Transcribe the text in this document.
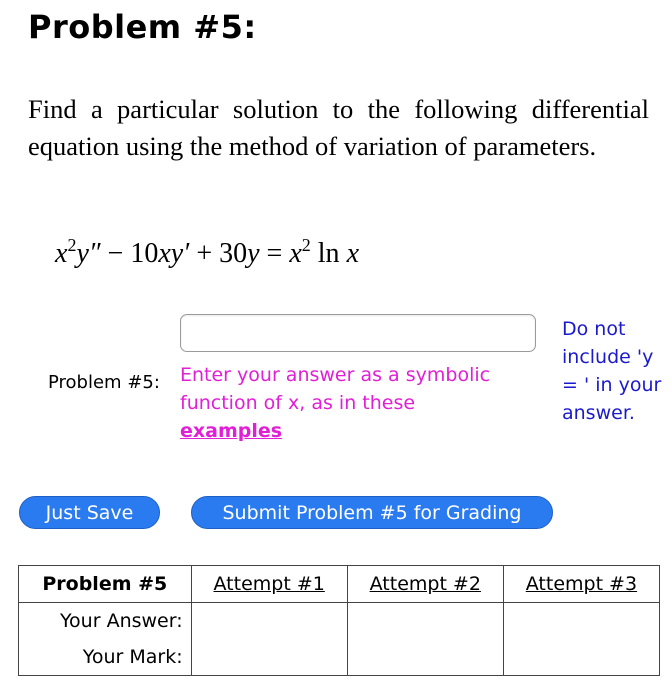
Problem #5:
Find a particular solution to the following differential equation using the method of variation of parameters.
$x^2y'' - 10xy' + 30y = x^2$ ln x
Problem #5: Enter your answer as a symbolic function of x, as in these
examples
Do not include 'y = ' in your answer.
Just Save	Submit Problem #5 for Grading
Problem #5	Attempt #1	Attempt #2	Attempt #3
Your Answer:			
Your Mark:			
